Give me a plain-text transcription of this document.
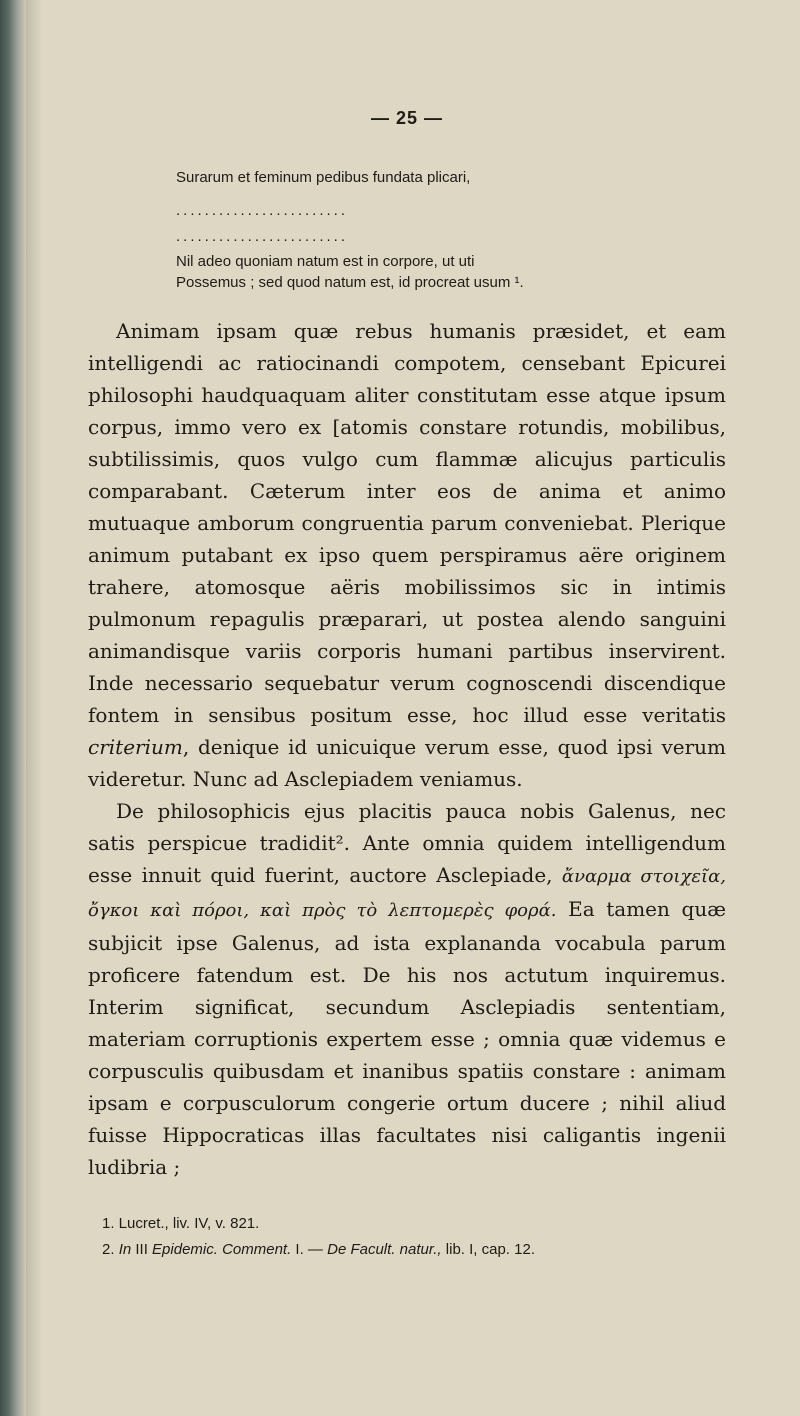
— 25 —

Surarum et feminum pedibus fundata plicari,

........................

........................

Nil adeo quoniam natum est in corpore, ut uti

Possemus ; sed quod natum est, id procreat usum ¹.

Animam ipsam quæ rebus humanis præsidet, et eam intelligendi ac ratiocinandi compotem, censebant Epicurei philosophi haudquaquam aliter constitutam esse atque ipsum corpus, immo vero ex [atomis constare rotundis, mobilibus, subtilissimis, quos vulgo cum flammæ alicujus particulis comparabant. Cæterum inter eos de anima et animo mutuaque amborum congruentia parum conveniebat. Plerique animum putabant ex ipso quem perspiramus aëre originem trahere, atomosque aëris mobilissimos sic in intimis pulmonum repagulis præparari, ut postea alendo sanguini animandisque variis corporis humani partibus inservirent. Inde necessario sequebatur verum cognoscendi discendique fontem in sensibus positum esse, hoc illud esse veritatis criterium, denique id unicuique verum esse, quod ipsi verum videretur. Nunc ad Asclepiadem veniamus.

De philosophicis ejus placitis pauca nobis Galenus, nec satis perspicue tradidit². Ante omnia quidem intelligendum esse innuit quid fuerint, auctore Asclepiade, ἄναρμα στοιχεῖα, ὄγκοι καὶ πόροι, καὶ πρὸς τὸ λεπτομερὲς φορά. Ea tamen quæ subjicit ipse Galenus, ad ista explananda vocabula parum proficere fatendum est. De his nos actutum inquiremus. Interim significat, secundum Asclepiadis sententiam, materiam corruptionis expertem esse ; omnia quæ videmus e corpusculis quibusdam et inanibus spatiis constare : animam ipsam e corpusculorum congerie ortum ducere ; nihil aliud fuisse Hippocraticas illas facultates nisi caligantis ingenii ludibria ;

1. Lucret., liv. IV, v. 821.
2. In III Epidemic. Comment. I. — De Facult. natur., lib. I, cap. 12.
